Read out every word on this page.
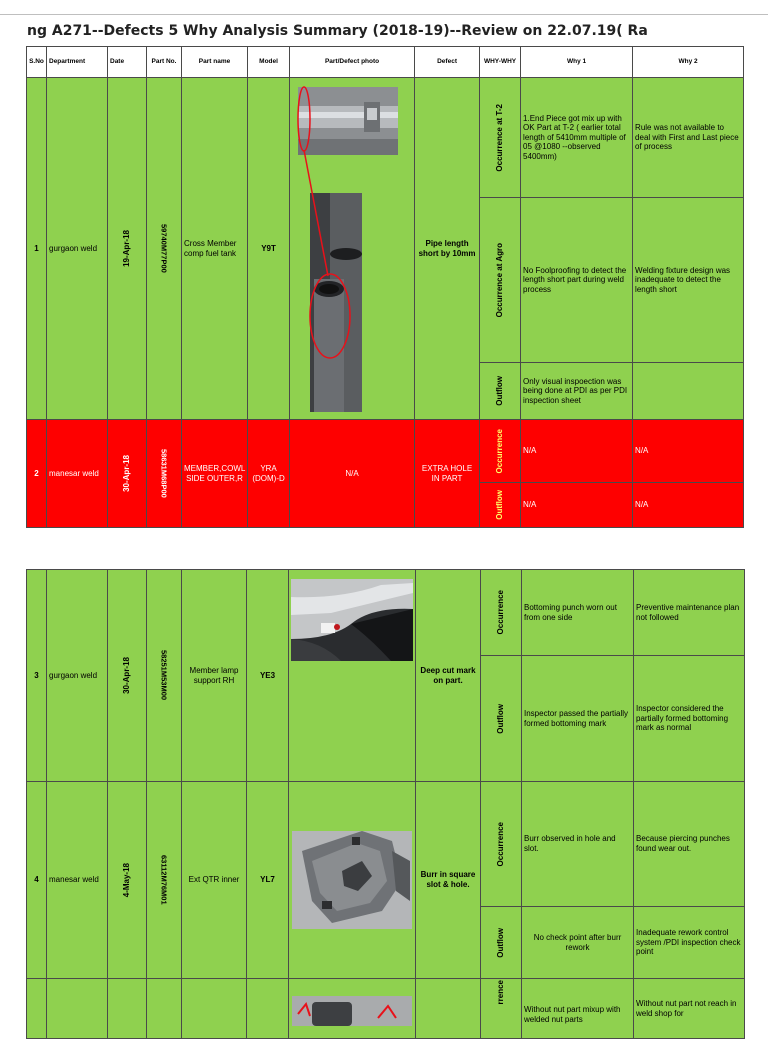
ng A271--Defects 5 Why Analysis Summary (2018-19)--Review on 22.07.19( Ra
S.No	Department	Date	Part No.	Part name	Model	Part/Defect photo	Defect	WHY-WHY	Why 1	Why 2
1	gurgaon weld	19-Apr-18	59740M77P00	Cross Member comp fuel tank	Y9T		Pipe length short by 10mm	Occurrence at T-2	1.End Piece got mix up with OK Part at T-2 ( earlier total length of 5410mm multiple of 05 @1080 --observed 5400mm)	Rule was not available to deal with First and Last piece of process

								Occurrence at Agro	No Foolproofing to detect the length short part during weld process	Welding fixture design was inadequate to detect the length short

								Outflow	Only visual inspoection was being done at PDI as per PDI inspection sheet	
2	manesar weld	30-Apr-18	58631M68P00	MEMBER,COWL SIDE OUTER,R	YRA (DOM)-D	N/A	EXTRA HOLE IN PART	Occurrence	N/A	N/A

								Outflow	N/A	N/A
3	gurgaon weld	30-Apr-18	58251M53M00	Member lamp support RH	YE3		Deep cut mark on part.	Occurrence	Bottoming punch worn out from one side	Preventive maintenance plan not followed

								Outflow	Inspector passed the partially formed bottoming mark	Inspector considered the partially formed bottoming mark as normal
4	manesar weld	4-May-18	63112M76M01	Ext QTR inner	YL7		Burr in square slot & hole.	Occurrence	Burr observed in hole and slot.	Because piercing punches found wear out.

								Outflow	No check point after burr rework	Inadequate rework control system /PDI inspection check point

rrence	Without nut part mixup with welded nut parts	Without nut part not reach in weld shop for
